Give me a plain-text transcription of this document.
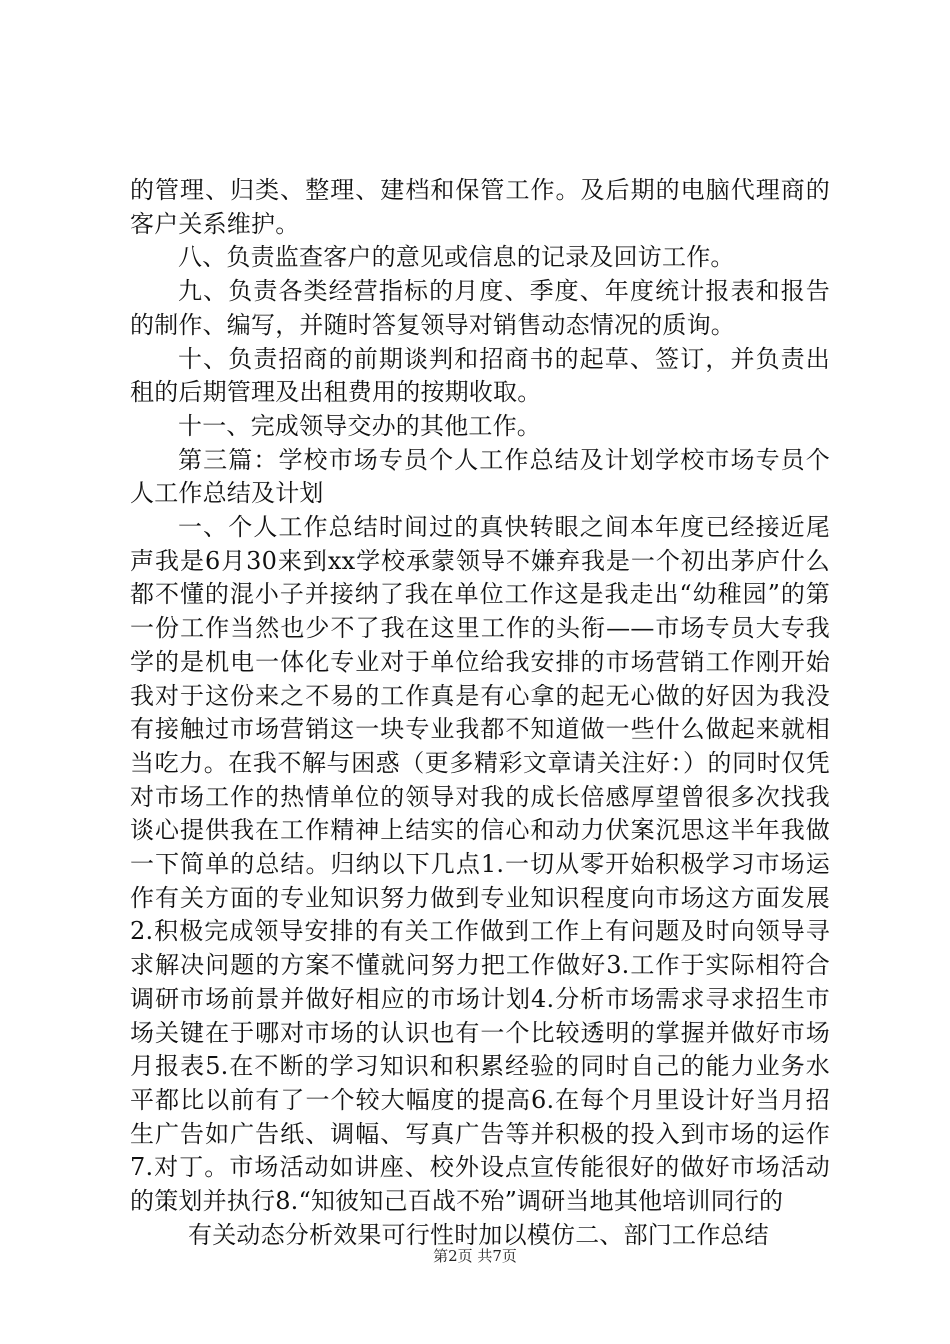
的管理、归类、整理、建档和保管工作。及后期的电脑代理商的客户关系维护。

八、负责监查客户的意见或信息的记录及回访工作。

九、负责各类经营指标的月度、季度、年度统计报表和报告的制作、编写，并随时答复领导对销售动态情况的质询。

十、负责招商的前期谈判和招商书的起草、签订，并负责出租的后期管理及出租费用的按期收取。

十一、完成领导交办的其他工作。

第三篇：学校市场专员个人工作总结及计划学校市场专员个人工作总结及计划

一、个人工作总结时间过的真快转眼之间本年度已经接近尾声我是6月30来到xx学校承蒙领导不嫌弃我是一个初出茅庐什么都不懂的混小子并接纳了我在单位工作这是我走出“幼稚园”的第一份工作当然也少不了我在这里工作的头衔——市场专员大专我学的是机电一体化专业对于单位给我安排的市场营销工作刚开始我对于这份来之不易的工作真是有心拿的起无心做的好因为我没有接触过市场营销这一块专业我都不知道做一些什么做起来就相当吃力。在我不解与困惑（更多精彩文章请关注好：）的同时仅凭对市场工作的热情单位的领导对我的成长倍感厚望曾很多次找我谈心提供我在工作精神上结实的信心和动力伏案沉思这半年我做一下简单的总结。归纳以下几点1.一切从零开始积极学习市场运作有关方面的专业知识努力做到专业知识程度向市场这方面发展2.积极完成领导安排的有关工作做到工作上有问题及时向领导寻求解决问题的方案不懂就问努力把工作做好3.工作于实际相符合调研市场前景并做好相应的市场计划4.分析市场需求寻求招生市场关键在于哪对市场的认识也有一个比较透明的掌握并做好市场月报表5.在不断的学习知识和积累经验的同时自己的能力业务水平都比以前有了一个较大幅度的提高6.在每个月里设计好当月招生广告如广告纸、调幅、写真广告等并积极的投入到市场的运作7.对丁。市场活动如讲座、校外设点宣传能很好的做好市场活动的策划并执行8.“知彼知己百战不殆”调研当地其他培训同行的

有关动态分析效果可行性时加以模仿二、部门工作总结

第2页 共7页
